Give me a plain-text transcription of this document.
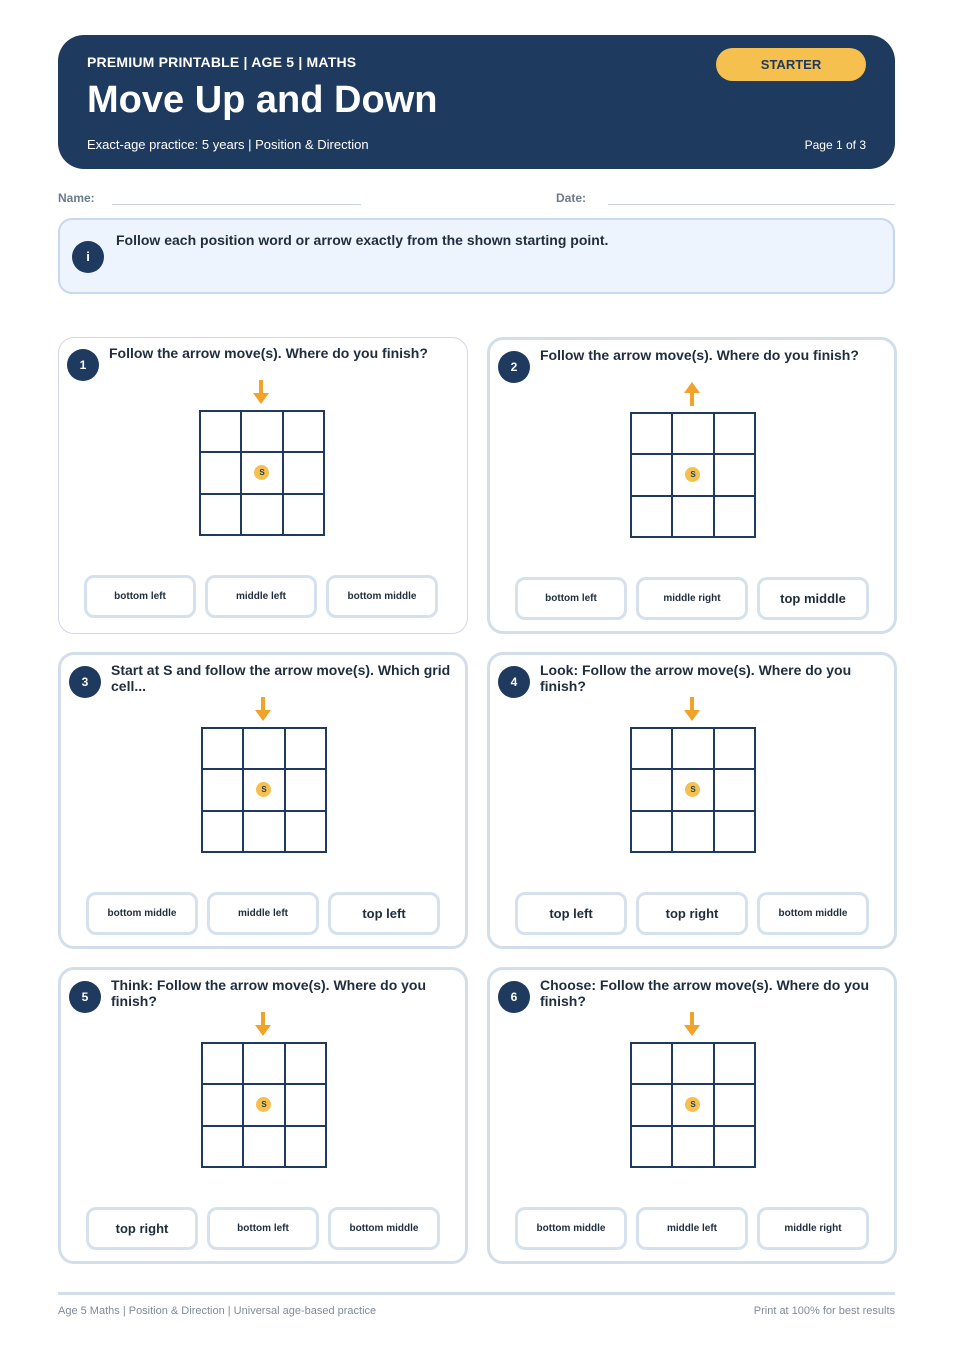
PREMIUM PRINTABLE | AGE 5 | MATHS
Move Up and Down
Exact-age practice: 5 years | Position & Direction	Page 1 of 3
STARTER
Name:	Date:
i
Follow each position word or arrow exactly from the shown starting point.
1
Follow the arrow move(s). Where do you finish?
S
bottom left	middle left	bottom middle
2
Follow the arrow move(s). Where do you finish?
S
bottom left	middle right	top middle
3
Start at S and follow the arrow move(s). Which grid cell...
S
bottom middle	middle left	top left
4
Look: Follow the arrow move(s). Where do you finish?
S
top left	top right	bottom middle
5
Think: Follow the arrow move(s). Where do you finish?
S
top right	bottom left	bottom middle
6
Choose: Follow the arrow move(s). Where do you finish?
S
bottom middle	middle left	middle right
Age 5 Maths | Position & Direction | Universal age-based practice	Print at 100% for best results
